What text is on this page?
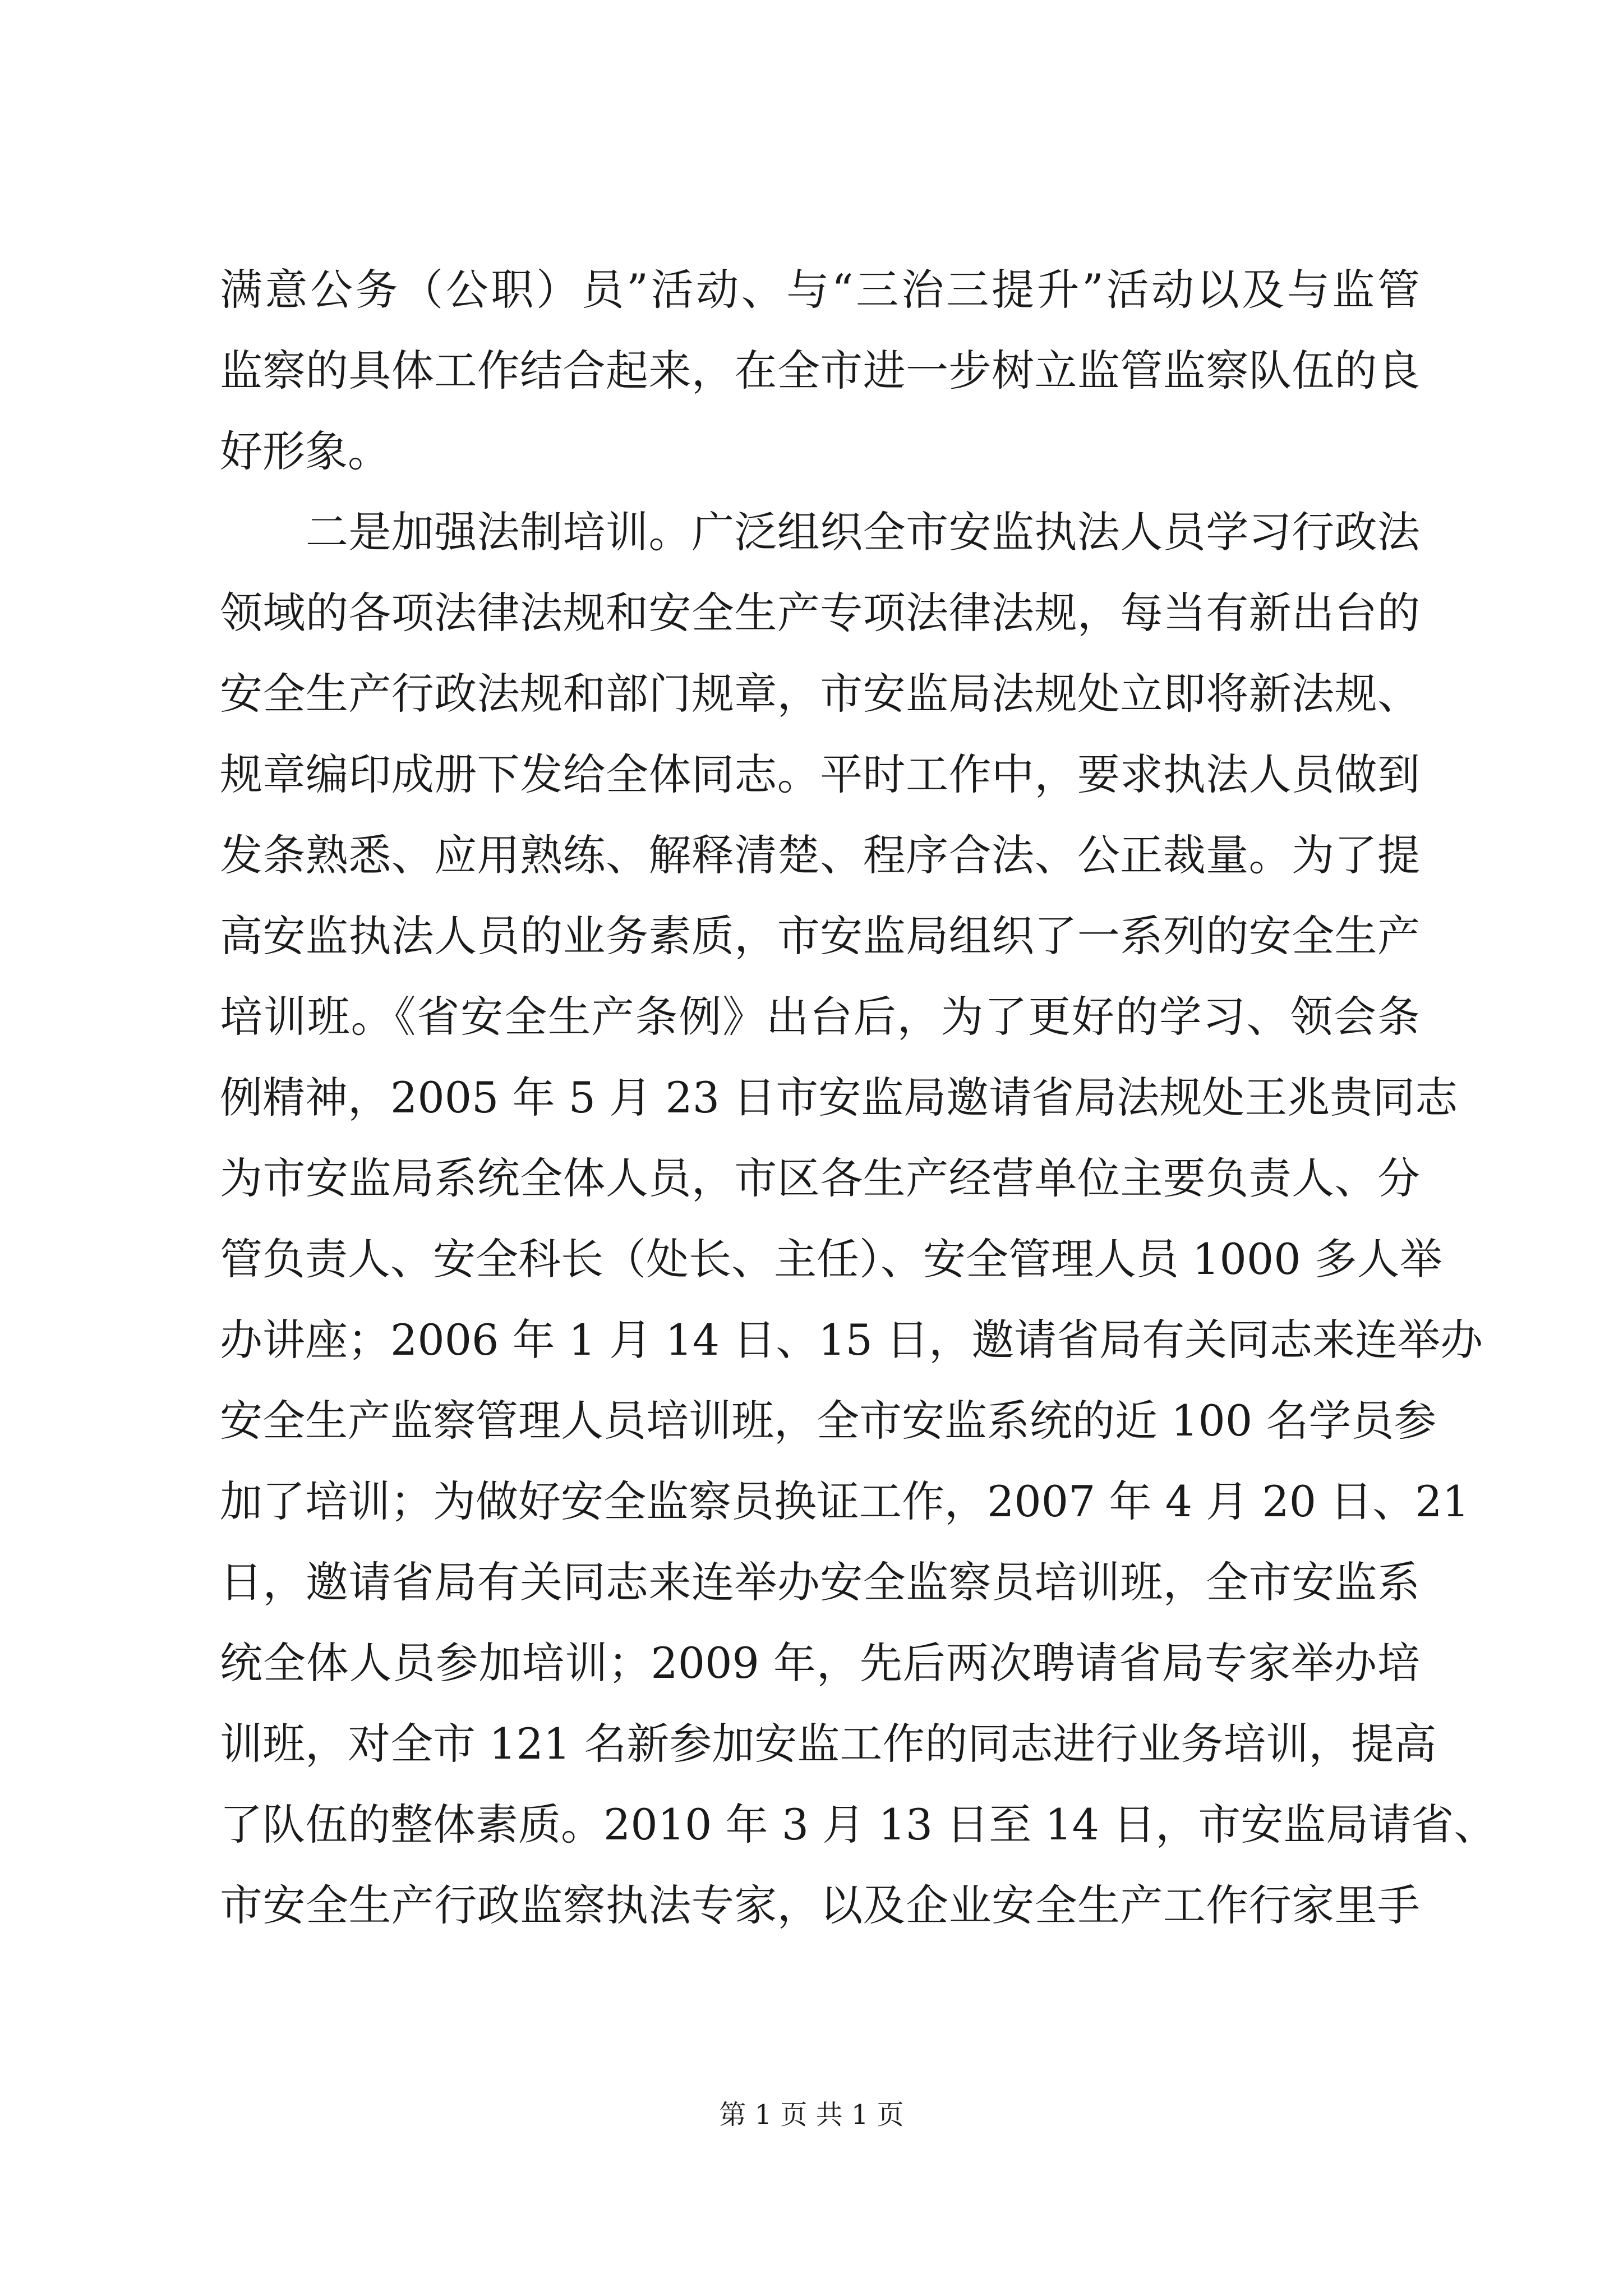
满意公务（公职）员”活动、与“三治三提升”活动以及与监管
监察的具体工作结合起来，在全市进一步树立监管监察队伍的良
好形象。
　　二是加强法制培训。广泛组织全市安监执法人员学习行政法
领域的各项法律法规和安全生产专项法律法规，每当有新出台的
安全生产行政法规和部门规章，市安监局法规处立即将新法规、
规章编印成册下发给全体同志。平时工作中，要求执法人员做到
发条熟悉、应用熟练、解释清楚、程序合法、公正裁量。为了提
高安监执法人员的业务素质，市安监局组织了一系列的安全生产
培训班。《省安全生产条例》出台后，为了更好的学习、领会条
例精神，2005 年 5 月 23 日市安监局邀请省局法规处王兆贵同志
为市安监局系统全体人员，市区各生产经营单位主要负责人、分
管负责人、安全科长（处长、主任）、安全管理人员 1000 多人举
办讲座；2006 年 1 月 14 日、15 日，邀请省局有关同志来连举办
安全生产监察管理人员培训班，全市安监系统的近 100 名学员参
加了培训；为做好安全监察员换证工作，2007 年 4 月 20 日、21
日，邀请省局有关同志来连举办安全监察员培训班，全市安监系
统全体人员参加培训；2009 年，先后两次聘请省局专家举办培
训班，对全市 121 名新参加安监工作的同志进行业务培训，提高
了队伍的整体素质。2010 年 3 月 13 日至 14 日，市安监局请省、
市安全生产行政监察执法专家，以及企业安全生产工作行家里手
第 1 页 共 1 页
